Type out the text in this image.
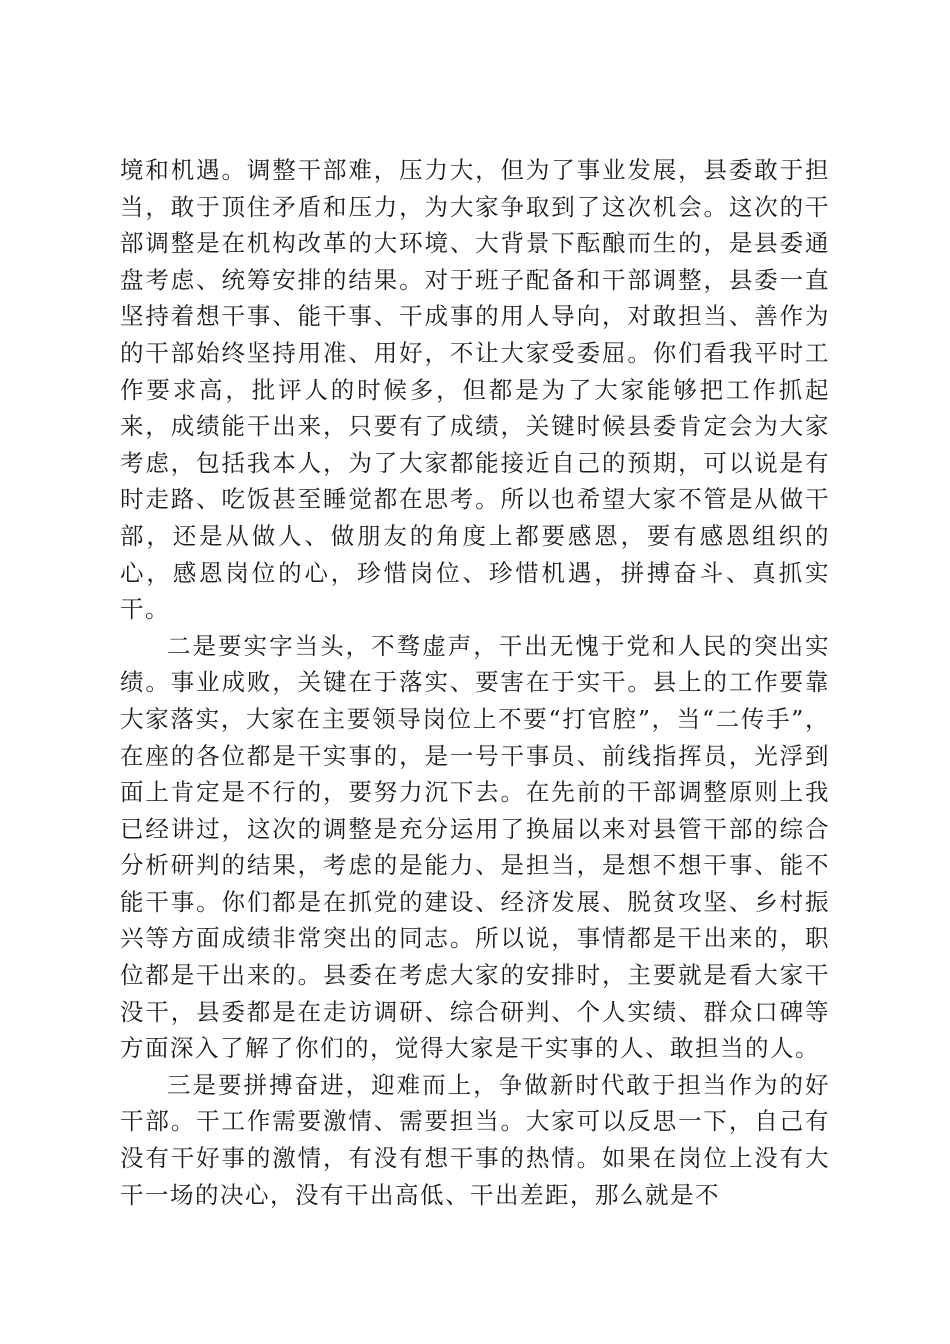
境和机遇。调整干部难，压力大，但为了事业发展，县委敢于担当，敢于顶住矛盾和压力，为大家争取到了这次机会。这次的干部调整是在机构改革的大环境、大背景下酝酿而生的，是县委通盘考虑、统筹安排的结果。对于班子配备和干部调整，县委一直坚持着想干事、能干事、干成事的用人导向，对敢担当、善作为的干部始终坚持用准、用好，不让大家受委屈。你们看我平时工作要求高，批评人的时候多，但都是为了大家能够把工作抓起来，成绩能干出来，只要有了成绩，关键时候县委肯定会为大家考虑，包括我本人，为了大家都能接近自己的预期，可以说是有时走路、吃饭甚至睡觉都在思考。所以也希望大家不管是从做干部，还是从做人、做朋友的角度上都要感恩，要有感恩组织的心，感恩岗位的心，珍惜岗位、珍惜机遇，拼搏奋斗、真抓实干。

二是要实字当头，不骛虚声，干出无愧于党和人民的突出实绩。事业成败，关键在于落实、要害在于实干。县上的工作要靠大家落实，大家在主要领导岗位上不要“打官腔”，当“二传手”，在座的各位都是干实事的，是一号干事员、前线指挥员，光浮到面上肯定是不行的，要努力沉下去。在先前的干部调整原则上我已经讲过，这次的调整是充分运用了换届以来对县管干部的综合分析研判的结果，考虑的是能力、是担当，是想不想干事、能不能干事。你们都是在抓党的建设、经济发展、脱贫攻坚、乡村振兴等方面成绩非常突出的同志。所以说，事情都是干出来的，职位都是干出来的。县委在考虑大家的安排时，主要就是看大家干没干，县委都是在走访调研、综合研判、个人实绩、群众口碑等方面深入了解了你们的，觉得大家是干实事的人、敢担当的人。

三是要拼搏奋进，迎难而上，争做新时代敢于担当作为的好干部。干工作需要激情、需要担当。大家可以反思一下，自己有没有干好事的激情，有没有想干事的热情。如果在岗位上没有大干一场的决心，没有干出高低、干出差距，那么就是不
